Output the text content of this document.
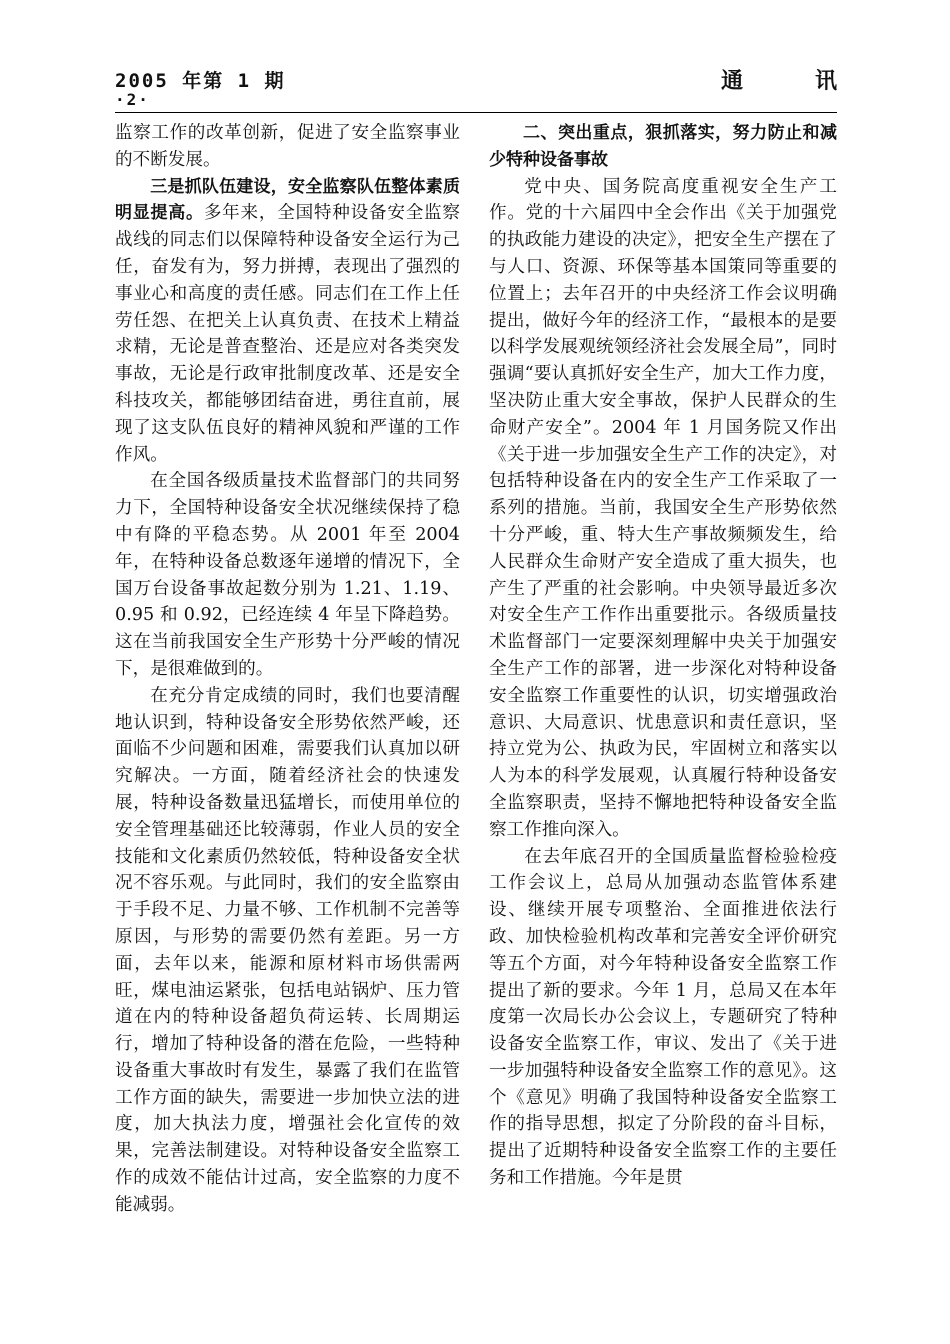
2005 年第 1 期
·2·
通讯

监察工作的改革创新，促进了安全监察事业的不断发展。

三是抓队伍建设，安全监察队伍整体素质明显提高。多年来，全国特种设备安全监察战线的同志们以保障特种设备安全运行为己任，奋发有为，努力拼搏，表现出了强烈的事业心和高度的责任感。同志们在工作上任劳任怨、在把关上认真负责、在技术上精益求精，无论是普查整治、还是应对各类突发事故，无论是行政审批制度改革、还是安全科技攻关，都能够团结奋进，勇往直前，展现了这支队伍良好的精神风貌和严谨的工作作风。

在全国各级质量技术监督部门的共同努力下，全国特种设备安全状况继续保持了稳中有降的平稳态势。从 2001 年至 2004 年，在特种设备总数逐年递增的情况下，全国万台设备事故起数分别为 1.21、1.19、0.95 和 0.92，已经连续 4 年呈下降趋势。这在当前我国安全生产形势十分严峻的情况下，是很难做到的。

在充分肯定成绩的同时，我们也要清醒地认识到，特种设备安全形势依然严峻，还面临不少问题和困难，需要我们认真加以研究解决。一方面，随着经济社会的快速发展，特种设备数量迅猛增长，而使用单位的安全管理基础还比较薄弱，作业人员的安全技能和文化素质仍然较低，特种设备安全状况不容乐观。与此同时，我们的安全监察由于手段不足、力量不够、工作机制不完善等原因，与形势的需要仍然有差距。另一方面，去年以来，能源和原材料市场供需两旺，煤电油运紧张，包括电站锅炉、压力管道在内的特种设备超负荷运转、长周期运行，增加了特种设备的潜在危险，一些特种设备重大事故时有发生，暴露了我们在监管工作方面的缺失，需要进一步加快立法的进度，加大执法力度，增强社会化宣传的效果，完善法制建设。对特种设备安全监察工作的成效不能估计过高，安全监察的力度不能减弱。

二、突出重点，狠抓落实，努力防止和减少特种设备事故

党中央、国务院高度重视安全生产工作。党的十六届四中全会作出《关于加强党的执政能力建设的决定》，把安全生产摆在了与人口、资源、环保等基本国策同等重要的位置上；去年召开的中央经济工作会议明确提出，做好今年的经济工作，“最根本的是要以科学发展观统领经济社会发展全局”，同时强调“要认真抓好安全生产，加大工作力度，坚决防止重大安全事故，保护人民群众的生命财产安全”。2004 年 1 月国务院又作出《关于进一步加强安全生产工作的决定》，对包括特种设备在内的安全生产工作采取了一系列的措施。当前，我国安全生产形势依然十分严峻，重、特大生产事故频频发生，给人民群众生命财产安全造成了重大损失，也产生了严重的社会影响。中央领导最近多次对安全生产工作作出重要批示。各级质量技术监督部门一定要深刻理解中央关于加强安全生产工作的部署，进一步深化对特种设备安全监察工作重要性的认识，切实增强政治意识、大局意识、忧患意识和责任意识，坚持立党为公、执政为民，牢固树立和落实以人为本的科学发展观，认真履行特种设备安全监察职责，坚持不懈地把特种设备安全监察工作推向深入。

在去年底召开的全国质量监督检验检疫工作会议上，总局从加强动态监管体系建设、继续开展专项整治、全面推进依法行政、加快检验机构改革和完善安全评价研究等五个方面，对今年特种设备安全监察工作提出了新的要求。今年 1 月，总局又在本年度第一次局长办公会议上，专题研究了特种设备安全监察工作，审议、发出了《关于进一步加强特种设备安全监察工作的意见》。这个《意见》明确了我国特种设备安全监察工作的指导思想，拟定了分阶段的奋斗目标，提出了近期特种设备安全监察工作的主要任务和工作措施。今年是贯
